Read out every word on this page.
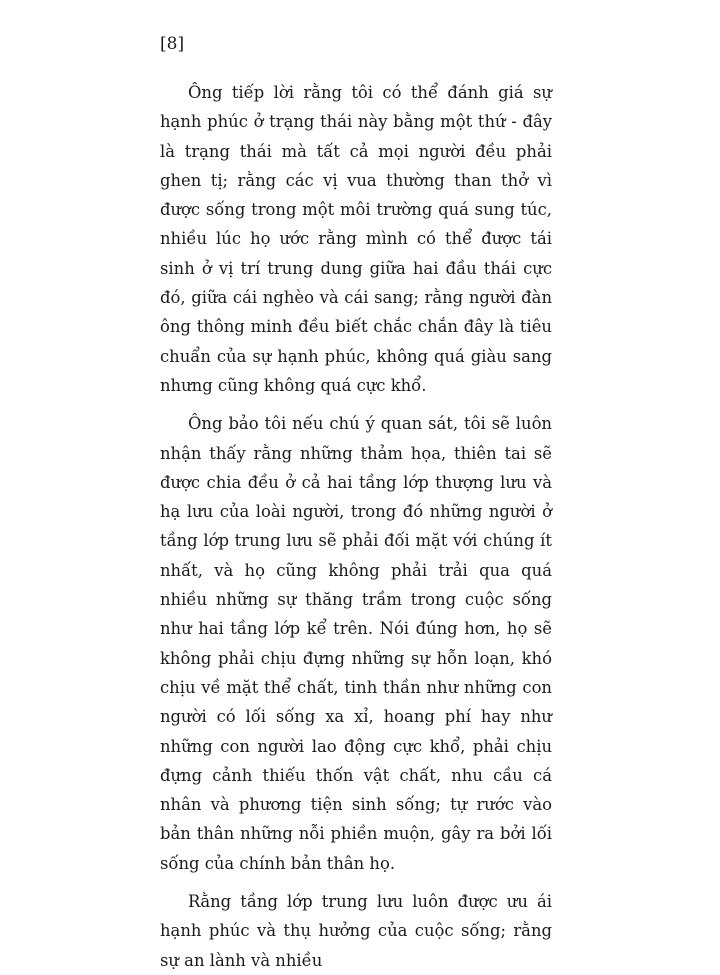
[8]

Ông tiếp lời rằng tôi có thể đánh giá sự hạnh phúc ở trạng thái này bằng một thứ - đây là trạng thái mà tất cả mọi người đều phải ghen tị; rằng các vị vua thường than thở vì được sống trong một môi trường quá sung túc, nhiều lúc họ ước rằng mình có thể được tái sinh ở vị trí trung dung giữa hai đầu thái cực đó, giữa cái nghèo và cái sang; rằng người đàn ông thông minh đều biết chắc chắn đây là tiêu chuẩn của sự hạnh phúc, không quá giàu sang nhưng cũng không quá cực khổ.

Ông bảo tôi nếu chú ý quan sát, tôi sẽ luôn nhận thấy rằng những thảm họa, thiên tai sẽ được chia đều ở cả hai tầng lớp thượng lưu và hạ lưu của loài người, trong đó những người ở tầng lớp trung lưu sẽ phải đối mặt với chúng ít nhất, và họ cũng không phải trải qua quá nhiều những sự thăng trầm trong cuộc sống như hai tầng lớp kể trên. Nói đúng hơn, họ sẽ không phải chịu đựng những sự hỗn loạn, khó chịu về mặt thể chất, tinh thần như những con người có lối sống xa xỉ, hoang phí hay như những con người lao động cực khổ, phải chịu đựng cảnh thiếu thốn vật chất, nhu cầu cá nhân và phương tiện sinh sống; tự rước vào bản thân những nỗi phiền muộn, gây ra bởi lối sống của chính bản thân họ.

Rằng tầng lớp trung lưu luôn được ưu ái hạnh phúc và thụ hưởng của cuộc sống; rằng sự an lành và nhiều
